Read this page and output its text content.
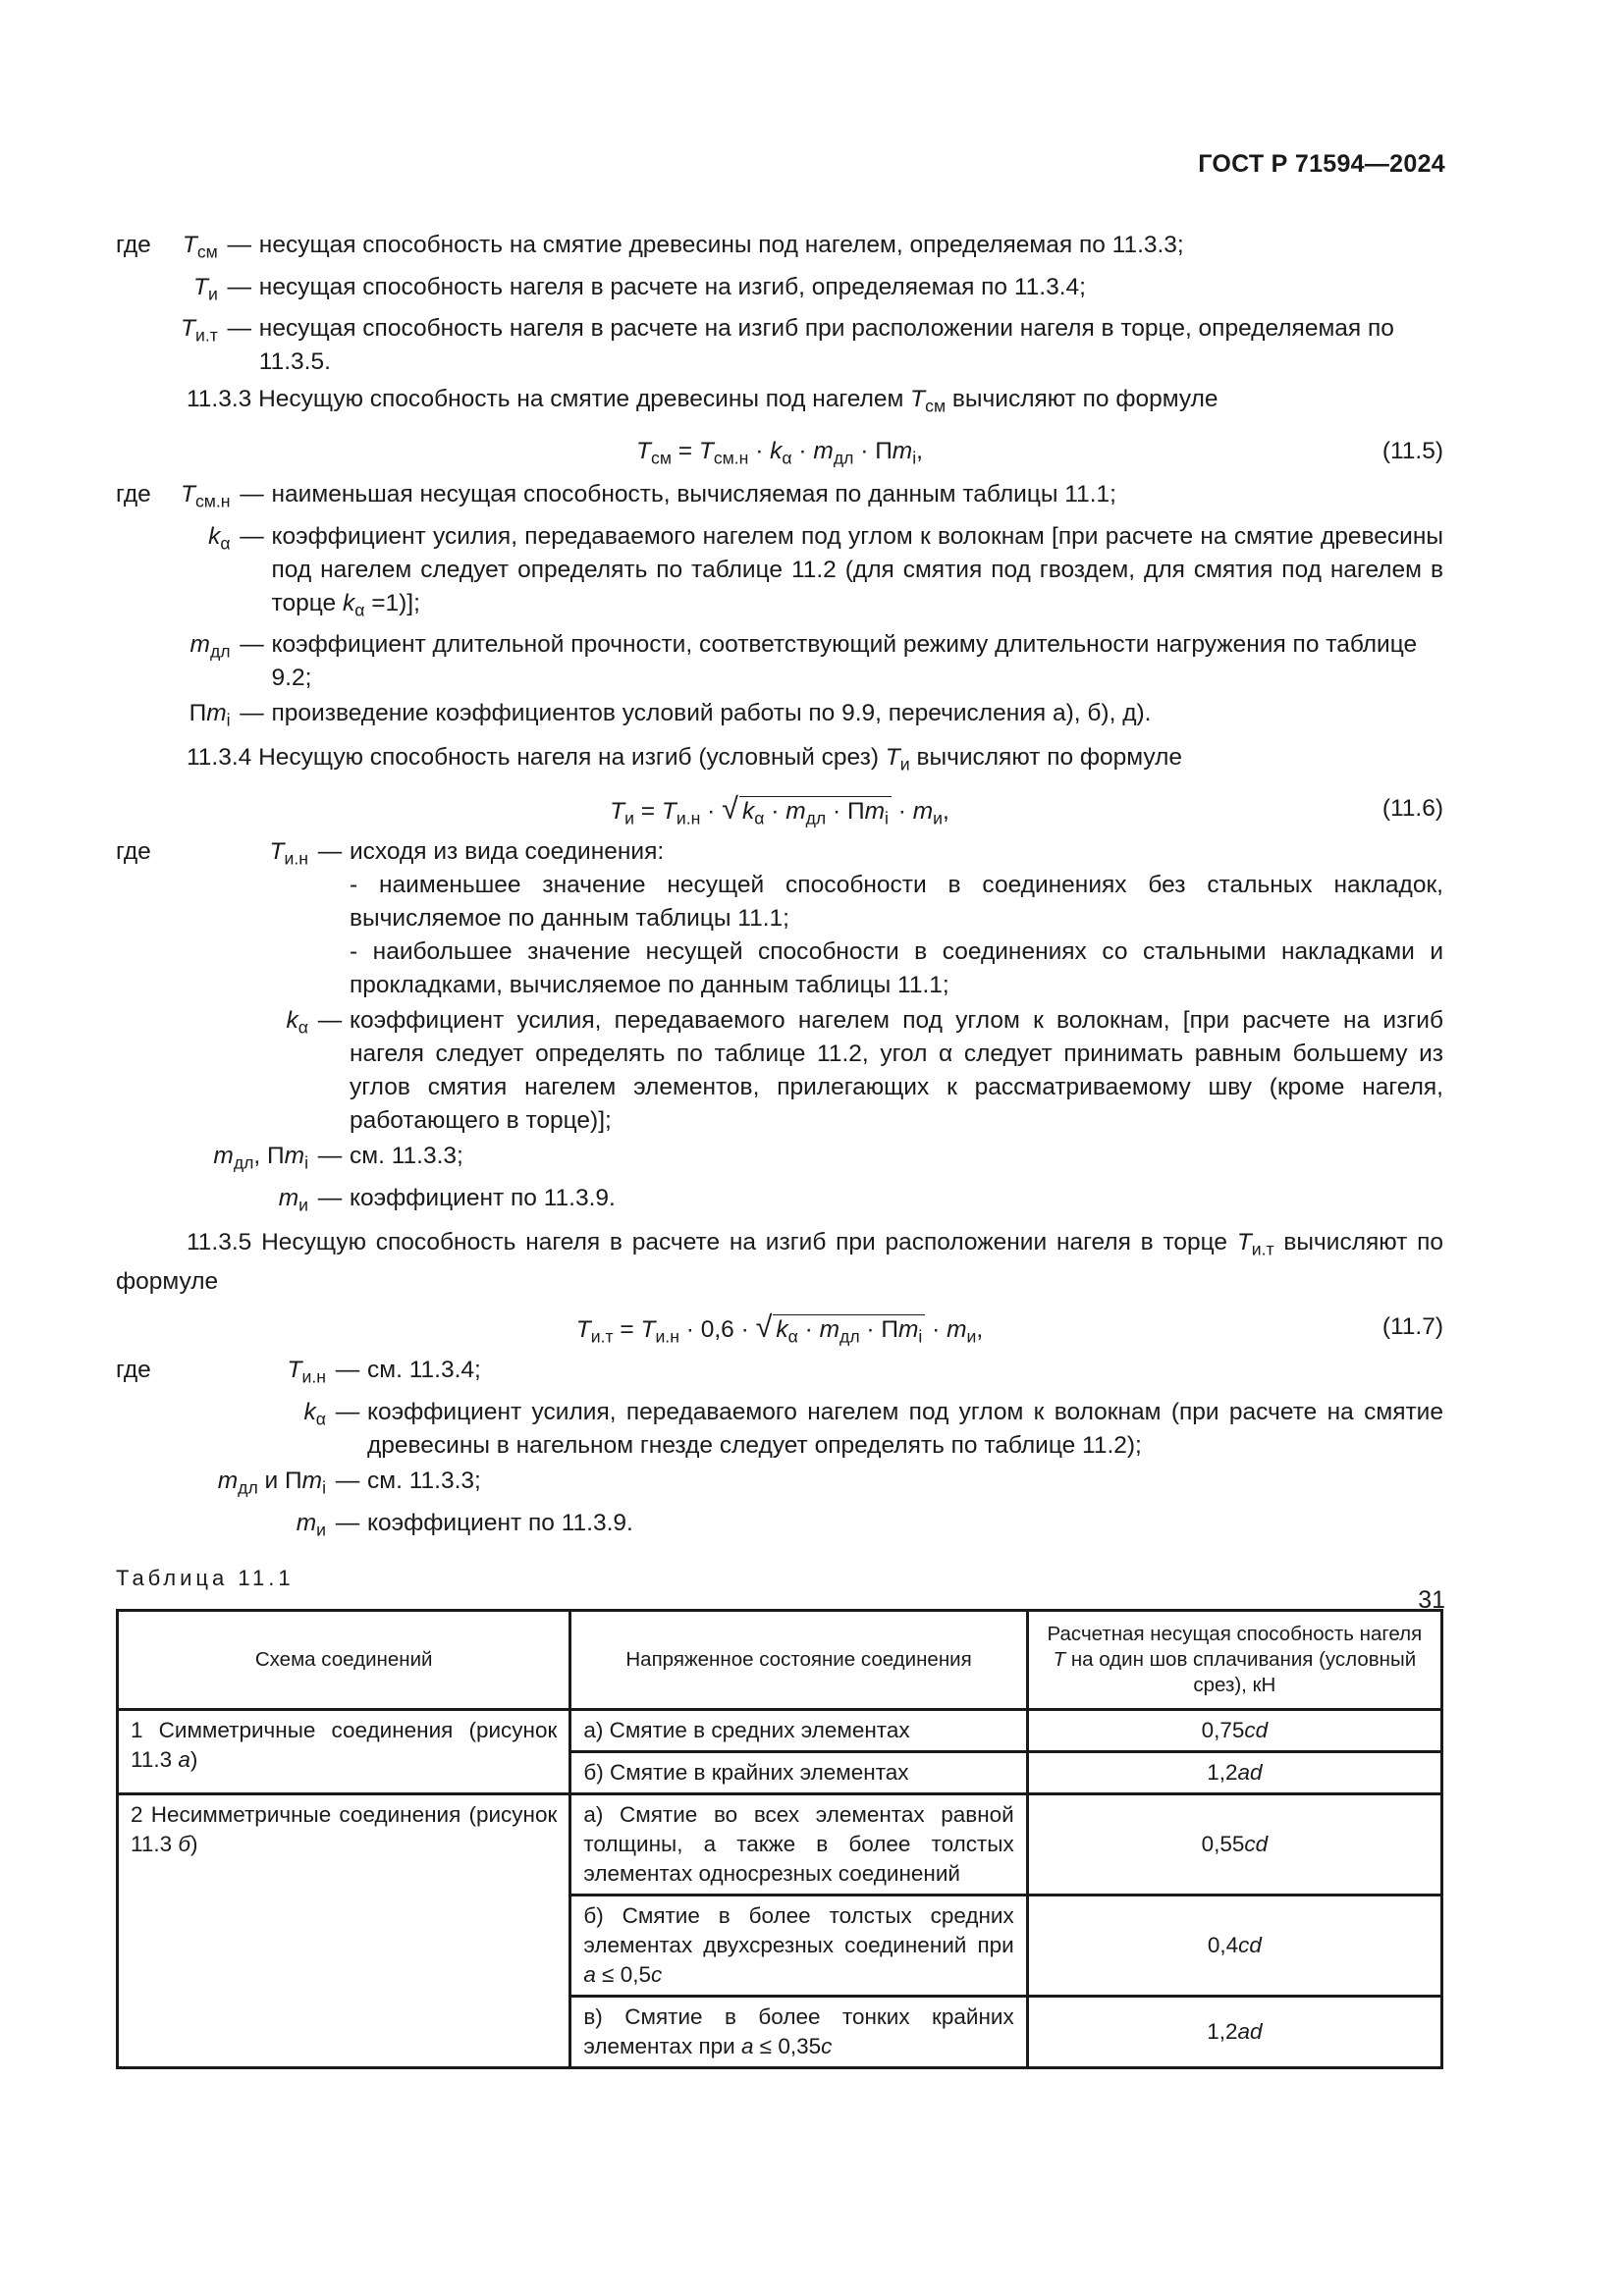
ГОСТ Р 71594—2024
где	$T_{см}$	—	несущая способность на смятие древесины под нагелем, определяемая по 11.3.3;
	$T_и$	—	несущая способность нагеля в расчете на изгиб, определяемая по 11.3.4;
	$T_{и.т}$	—	несущая способность нагеля в расчете на изгиб при расположении нагеля в торце, определяемая по 11.3.5.

11.3.3 Несущую способность на смятие древесины под нагелем $T_{см}$ вычисляют по формуле

$T_{см} = T_{см.н} \cdot k_\alpha \cdot m_{дл} \cdot Пm_i$,	(11.5)
где	$T_{см.н}$	—	наименьшая несущая способность, вычисляемая по данным таблицы 11.1;
	$k_\alpha$	—	коэффициент усилия, передаваемого нагелем под углом к волокнам [при расчете на смятие древесины под нагелем следует определять по таблице 11.2 (для смятия под гвоздем, для смятия под нагелем в торце $k_\alpha =1$)];
	$m_{дл}$	—	коэффициент длительной прочности, соответствующий режиму длительности нагружения по таблице 9.2;
	$Пm_i$	—	произведение коэффициентов условий работы по 9.9, перечисления а), б), д).

11.3.4 Несущую способность нагеля на изгиб (условный срез) $T_и$ вычисляют по формуле

$T_и = T_{и.н}$ · √ $k_\alpha \cdot m_{дл} \cdot Пm_i \cdot m_и$,	(11.6)
где	$T_{и.н}$	—	исходя из вида соединения:
- наименьшее значение несущей способности в соединениях без стальных накладок, вычисляемое по данным таблицы 11.1;
- наибольшее значение несущей способности в соединениях со стальными накладками и прокладками, вычисляемое по данным таблицы 11.1;

	$k_\alpha$	—	коэффициент усилия, передаваемого нагелем под углом к волокнам, [при расчете на изгиб нагеля следует определять по таблице 11.2, угол α следует принимать равным большему из углов смятия нагелем элементов, прилегающих к рассматриваемому шву (кроме нагеля, работающего в торце)];
$m_{дл}$, $Пm_i$		—	см. 11.3.3;
	$m_и$	—	коэффициент по 11.3.9.

11.3.5 Несущую способность нагеля в расчете на изгиб при расположении нагеля в торце $T_{и.т}$ вычисляют по формуле

$T_{и.т} = T_{и.н} \cdot 0,6$ · √ $k_\alpha \cdot m_{дл} \cdot Пm_i \cdot m_и$,	(11.7)
где	$T_{и.н}$	—	см. 11.3.4;
	$k_\alpha$	—	коэффициент усилия, передаваемого нагелем под углом к волокнам (при расчете на смятие древесины в нагельном гнезде следует определять по таблице 11.2);
$m_{дл}$ и $Пm_i$		—	см. 11.3.3;
	$m_и$	—	коэффициент по 11.3.9.
Таблица 11.1
Схема соединений	Напряженное состояние соединения	Расчетная несущая способность нагеля T на один шов сплачивания (условный срез), кН
1 Симметричные соединения (рисунок 11.3 а)	а) Смятие в средних элементах	0,75cd
	б) Смятие в крайних элементах	1,2ad
2 Несимметричные соединения (рисунок 11.3 б)	а) Смятие во всех элементах равной толщины, а также в более толстых элементах односрезных соединений	0,55cd
	б) Смятие в более толстых средних элементах двухсрезных соединений при a ≤ 0,5c	0,4cd
	в) Смятие в более тонких крайних элементах при a ≤ 0,35c	1,2ad
31
